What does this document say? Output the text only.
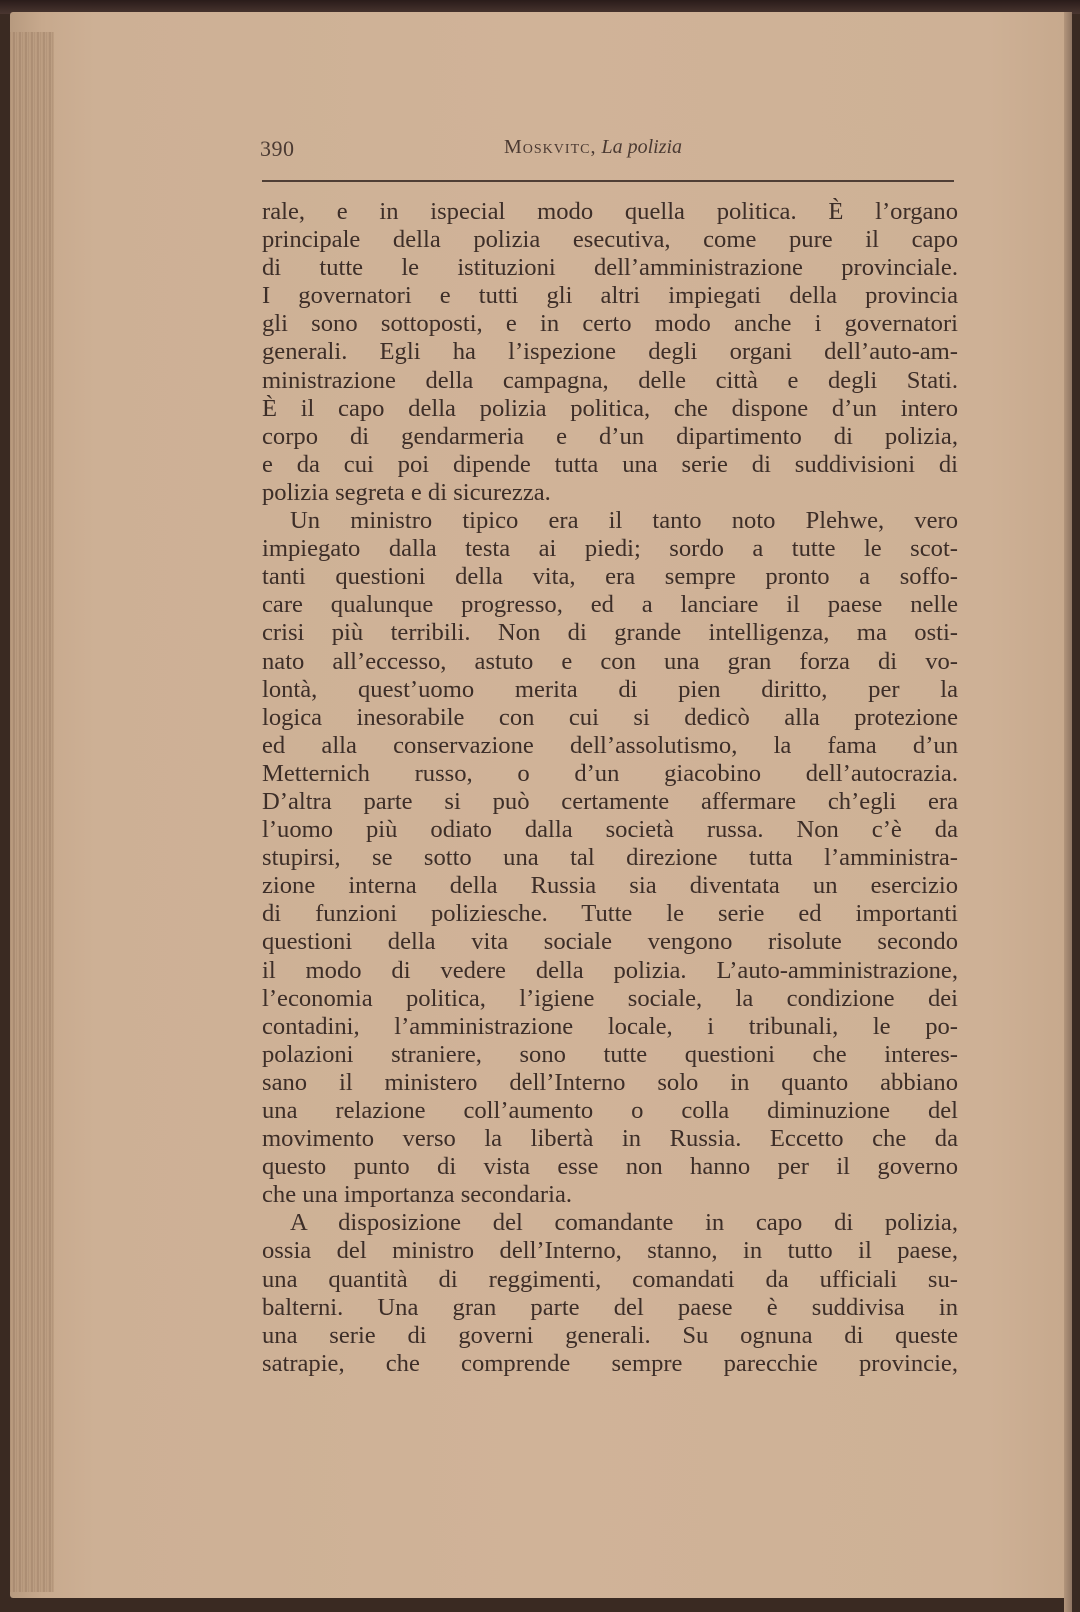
390	Moskvitc, La polizia
rale, e in ispecial modo quella politica. È l’organo
principale della polizia esecutiva, come pure il capo
di tutte le istituzioni dell’amministrazione provinciale.
I governatori e tutti gli altri impiegati della provincia
gli sono sottoposti, e in certo modo anche i governatori
generali. Egli ha l’ispezione degli organi dell’auto-am-
ministrazione della campagna, delle città e degli Stati.
È il capo della polizia politica, che dispone d’un intero
corpo di gendarmeria e d’un dipartimento di polizia,
e da cui poi dipende tutta una serie di suddivisioni di
polizia segreta e di sicurezza.
Un ministro tipico era il tanto noto Plehwe, vero
impiegato dalla testa ai piedi; sordo a tutte le scot-
tanti questioni della vita, era sempre pronto a soffo-
care qualunque progresso, ed a lanciare il paese nelle
crisi più terribili. Non di grande intelligenza, ma osti-
nato all’eccesso, astuto e con una gran forza di vo-
lontà, quest’uomo merita di pien diritto, per la
logica inesorabile con cui si dedicò alla protezione
ed alla conservazione dell’assolutismo, la fama d’un
Metternich russo, o d’un giacobino dell’autocrazia.
D’altra parte si può certamente affermare ch’egli era
l’uomo più odiato dalla società russa. Non c’è da
stupirsi, se sotto una tal direzione tutta l’amministra-
zione interna della Russia sia diventata un esercizio
di funzioni poliziesche. Tutte le serie ed importanti
questioni della vita sociale vengono risolute secondo
il modo di vedere della polizia. L’auto-amministrazione,
l’economia politica, l’igiene sociale, la condizione dei
contadini, l’amministrazione locale, i tribunali, le po-
polazioni straniere, sono tutte questioni che interes-
sano il ministero dell’Interno solo in quanto abbiano
una relazione coll’aumento o colla diminuzione del
movimento verso la libertà in Russia. Eccetto che da
questo punto di vista esse non hanno per il governo
che una importanza secondaria.
A disposizione del comandante in capo di polizia,
ossia del ministro dell’Interno, stanno, in tutto il paese,
una quantità di reggimenti, comandati da ufficiali su-
balterni. Una gran parte del paese è suddivisa in
una serie di governi generali. Su ognuna di queste
satrapie, che comprende sempre parecchie provincie,
